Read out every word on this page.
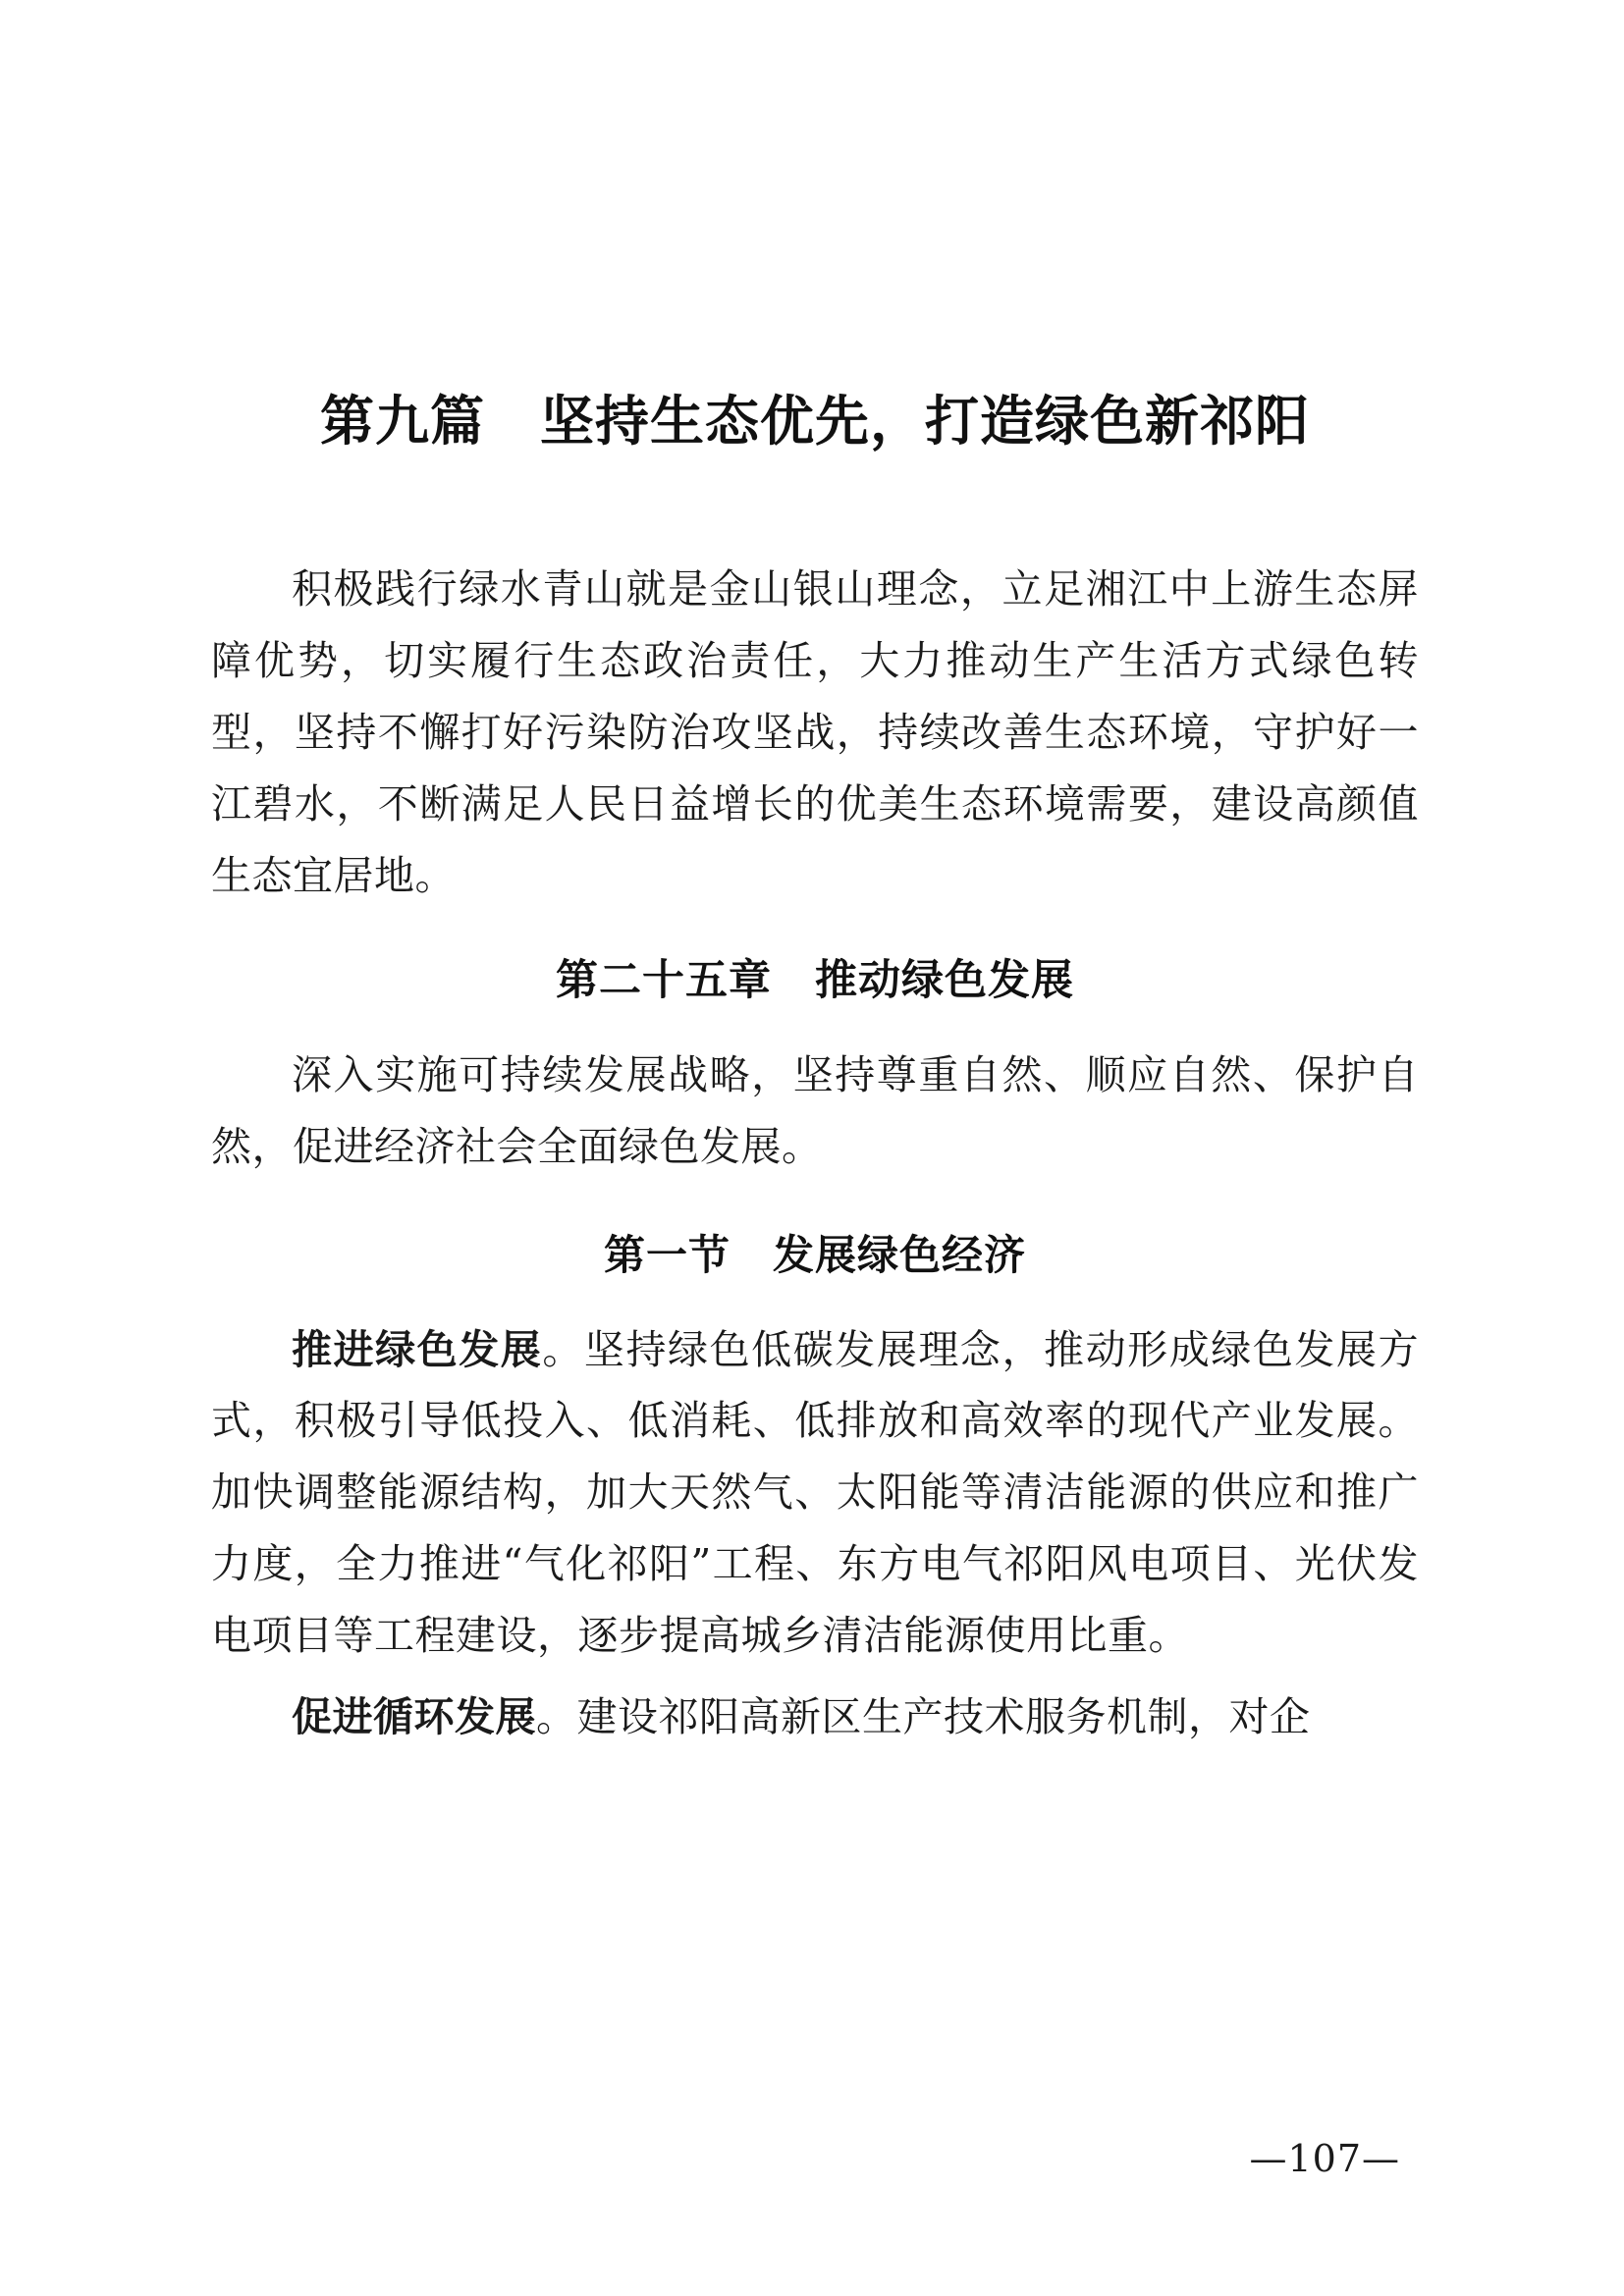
第九篇　坚持生态优先，打造绿色新祁阳

积极践行绿水青山就是金山银山理念，立足湘江中上游生态屏障优势，切实履行生态政治责任，大力推动生产生活方式绿色转型，坚持不懈打好污染防治攻坚战，持续改善生态环境，守护好一江碧水，不断满足人民日益增长的优美生态环境需要，建设高颜值生态宜居地。

第二十五章　推动绿色发展

深入实施可持续发展战略，坚持尊重自然、顺应自然、保护自然，促进经济社会全面绿色发展。

第一节　发展绿色经济

推进绿色发展。坚持绿色低碳发展理念，推动形成绿色发展方式，积极引导低投入、低消耗、低排放和高效率的现代产业发展。加快调整能源结构，加大天然气、太阳能等清洁能源的供应和推广力度，全力推进“气化祁阳”工程、东方电气祁阳风电项目、光伏发电项目等工程建设，逐步提高城乡清洁能源使用比重。

促进循环发展。建设祁阳高新区生产技术服务机制，对企

—107—
